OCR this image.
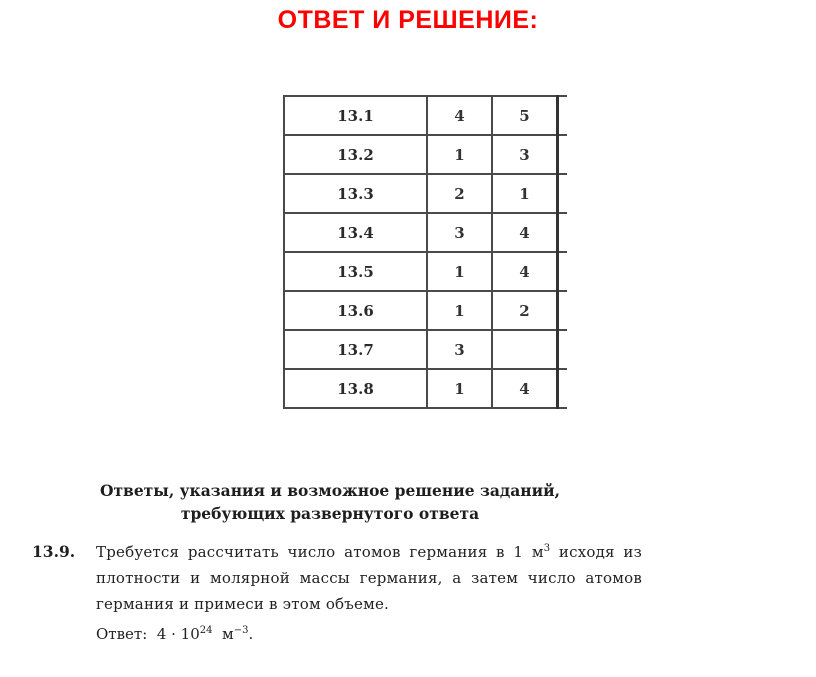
ОТВЕТ И РЕШЕНИЕ:
13.1	4	5	
13.2	1	3	
13.3	2	1	
13.4	3	4	
13.5	1	4	
13.6	1	2	
13.7	3		
13.8	1	4	
Ответы, указания и возможное решение заданий,
требующих развернутого ответа
13.9. Требуется рассчитать число атомов германия в 1 $м^3$ исходя из плотности и молярной массы германия, а затем число атомов германия и примеси в этом объеме.
Ответ: $4 \cdot 10^{24}$ $м^{-3}$.
